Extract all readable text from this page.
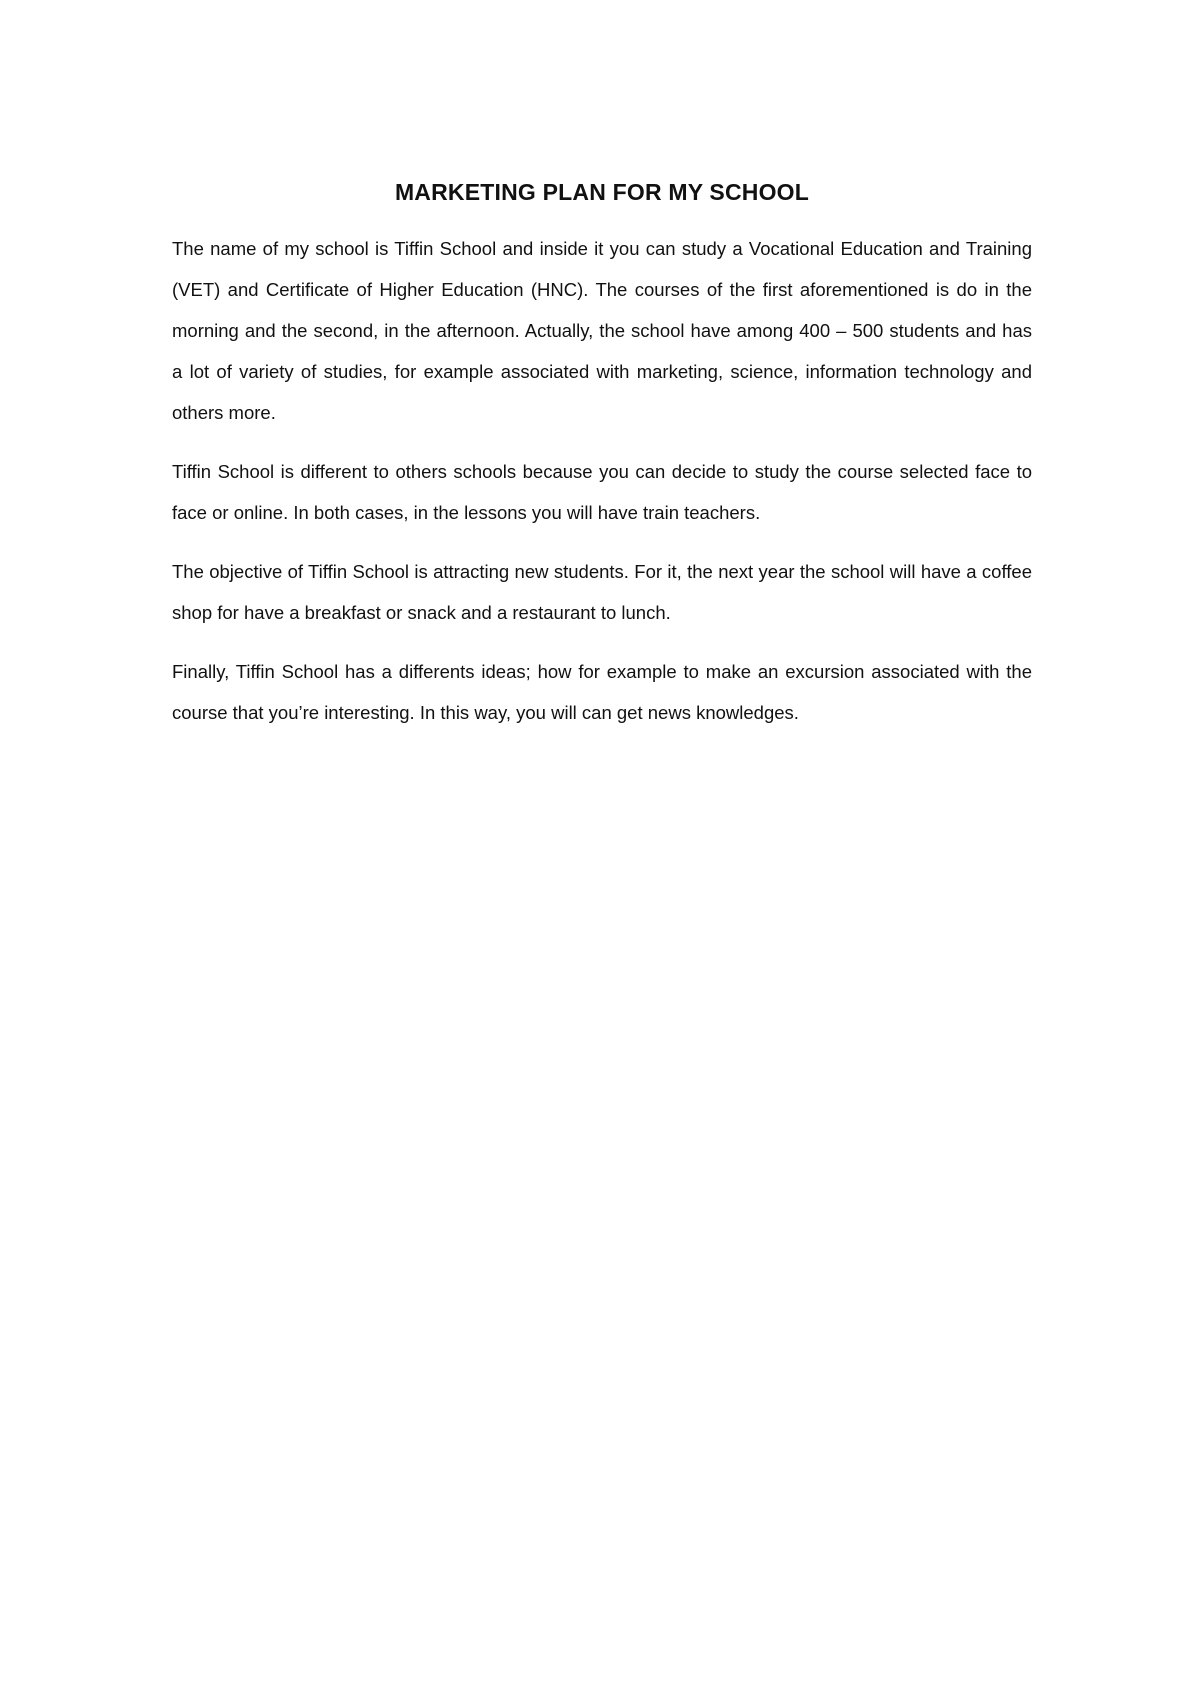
MARKETING PLAN FOR MY SCHOOL

The name of my school is Tiffin School and inside it you can study a Vocational Education and Training (VET) and Certificate of Higher Education (HNC). The courses of the first aforementioned is do in the morning and the second, in the afternoon. Actually, the school have among 400 – 500 students and has a lot of variety of studies, for example associated with marketing, science, information technology and others more.

Tiffin School is different to others schools because you can decide to study the course selected face to face or online. In both cases, in the lessons you will have train teachers.

The objective of Tiffin School is attracting new students. For it, the next year the school will have a coffee shop for have a breakfast or snack and a restaurant to lunch.

Finally, Tiffin School has a differents ideas; how for example to make an excursion associated with the course that you’re interesting. In this way, you will can get news knowledges.
